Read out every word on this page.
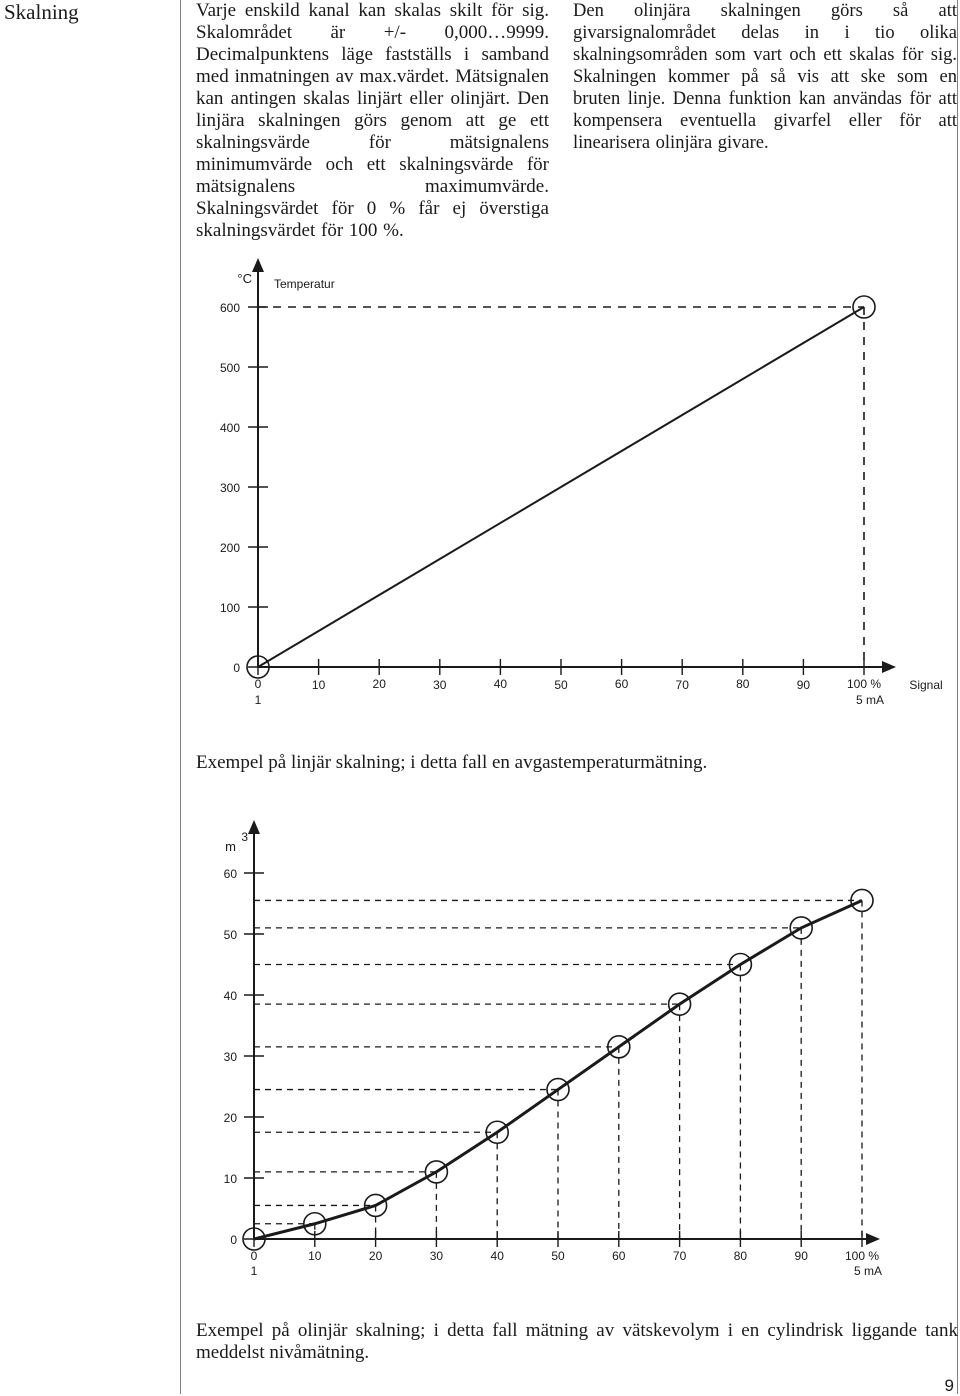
Skalning	Varje enskild kanal kan skalas skilt för sig. Skalområdet är +/- 0,000…9999. Decimalpunktens läge fastställs i samband med inmatningen av max.värdet. Mätsignalen kan antingen skalas linjärt eller olinjärt. Den linjära skalningen görs genom att ge ett skalningsvärde för mätsignalens minimumvärde och ett skalningsvärde för mätsignalens maximumvärde. Skalningsvärdet för 0 % får ej överstiga skalningsvärdet för 100 %.
Den olinjära skalningen görs så att givarsignalområdet delas in i tio olika skalningsområden som vart och ett skalas för sig. Skalningen kommer på så vis att ske som en bruten linje. Denna funktion kan användas för att kompensera eventuella givarfel eller för att linearisera olinjära givare.
0
100
200
300
400
500
600
0	10	20	30	40	50	60	70	80	90	100 %
1	5 mA
Signal
°C Temperatur
Exempel på linjär skalning; i detta fall en avgastemperaturmätning.
0
10
20
30
40
50
60
0	10	20	30	40	50	60	70	80	90	100 %
1	5 mA
m
3
Exempel på olinjär skalning; i detta fall mätning av vätskevolym i en cylindrisk liggande tank meddelst nivåmätning.
9
